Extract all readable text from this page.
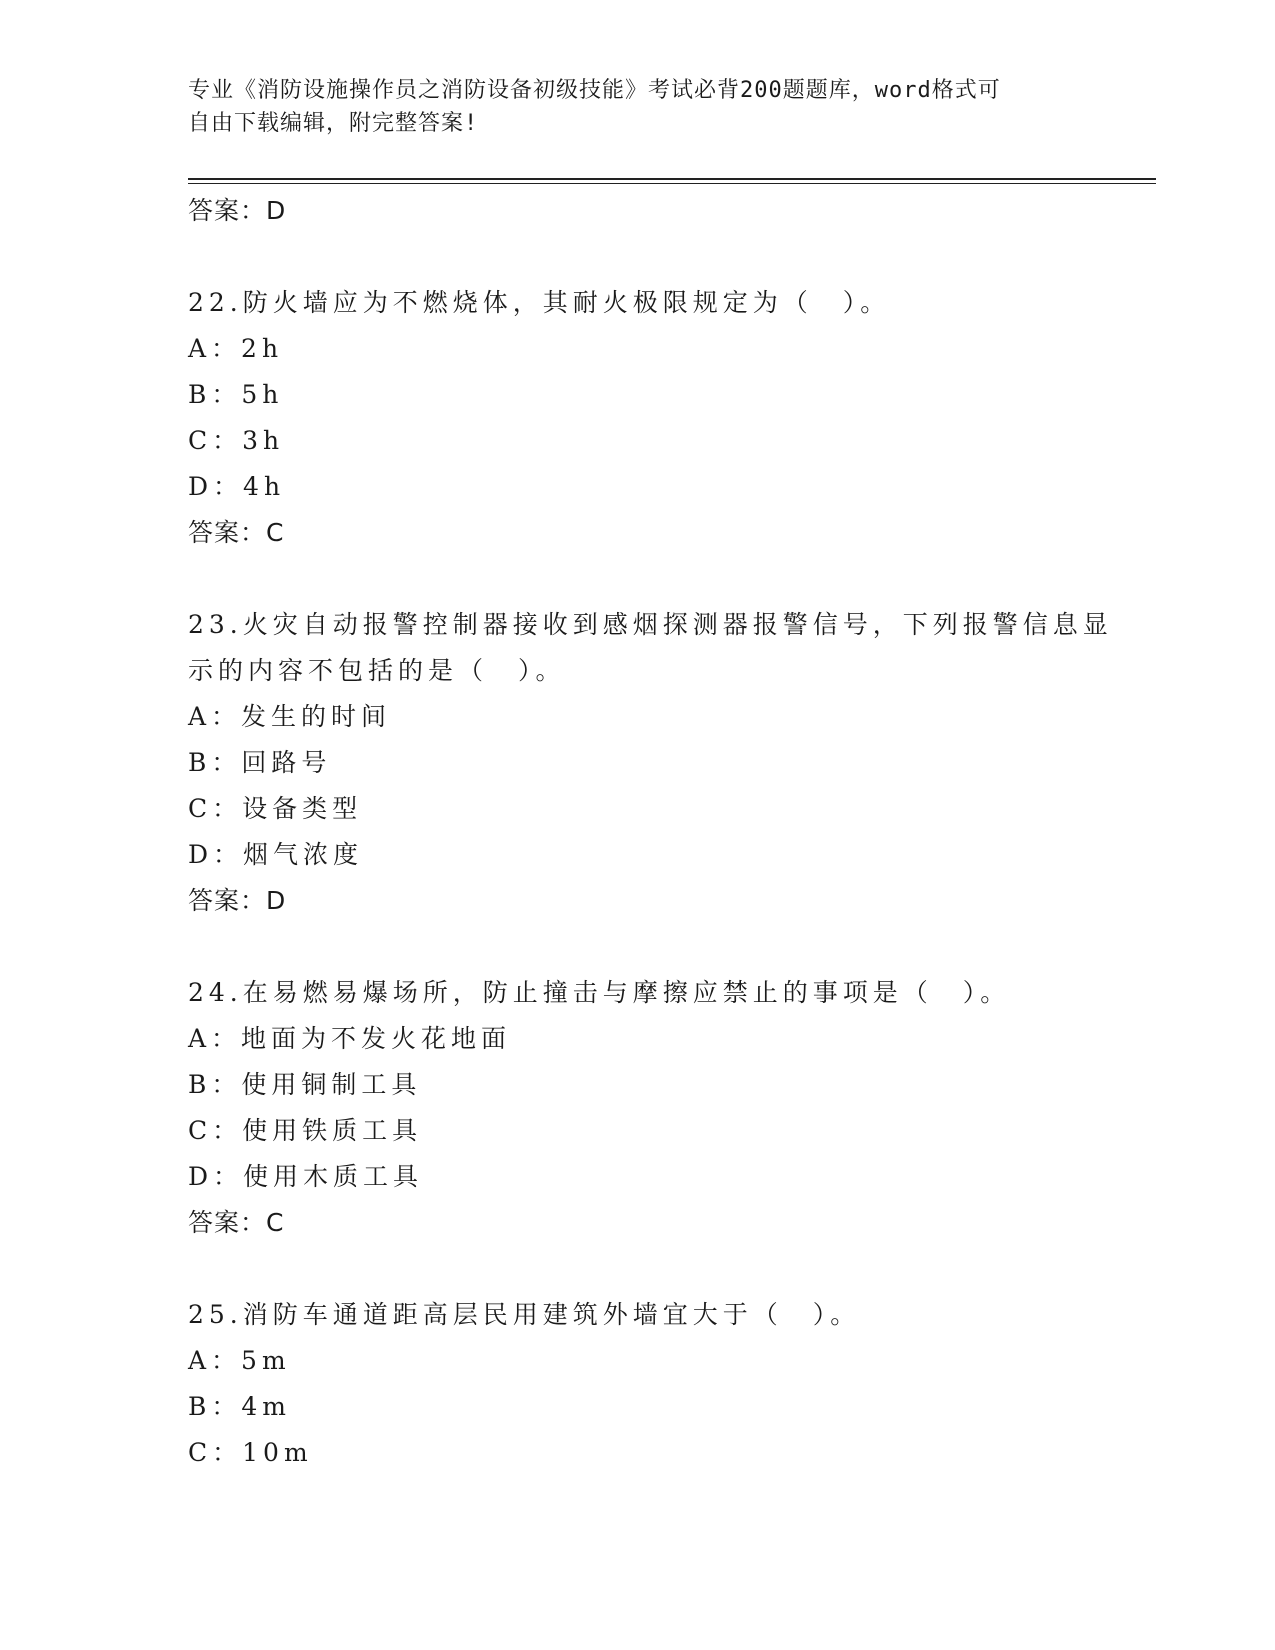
专业《消防设施操作员之消防设备初级技能》考试必背200题题库，word格式可
自由下载编辑，附完整答案!
答案：D
22.防火墙应为不燃烧体，其耐火极限规定为（　）。
A：2h
B：5h
C：3h
D：4h
答案：C
23.火灾自动报警控制器接收到感烟探测器报警信号，下列报警信息显
示的内容不包括的是（　）。
A：发生的时间
B：回路号
C：设备类型
D：烟气浓度
答案：D
24.在易燃易爆场所，防止撞击与摩擦应禁止的事项是（　）。
A：地面为不发火花地面
B：使用铜制工具
C：使用铁质工具
D：使用木质工具
答案：C
25.消防车通道距高层民用建筑外墙宜大于（　）。
A：5m
B：4m
C：10m
